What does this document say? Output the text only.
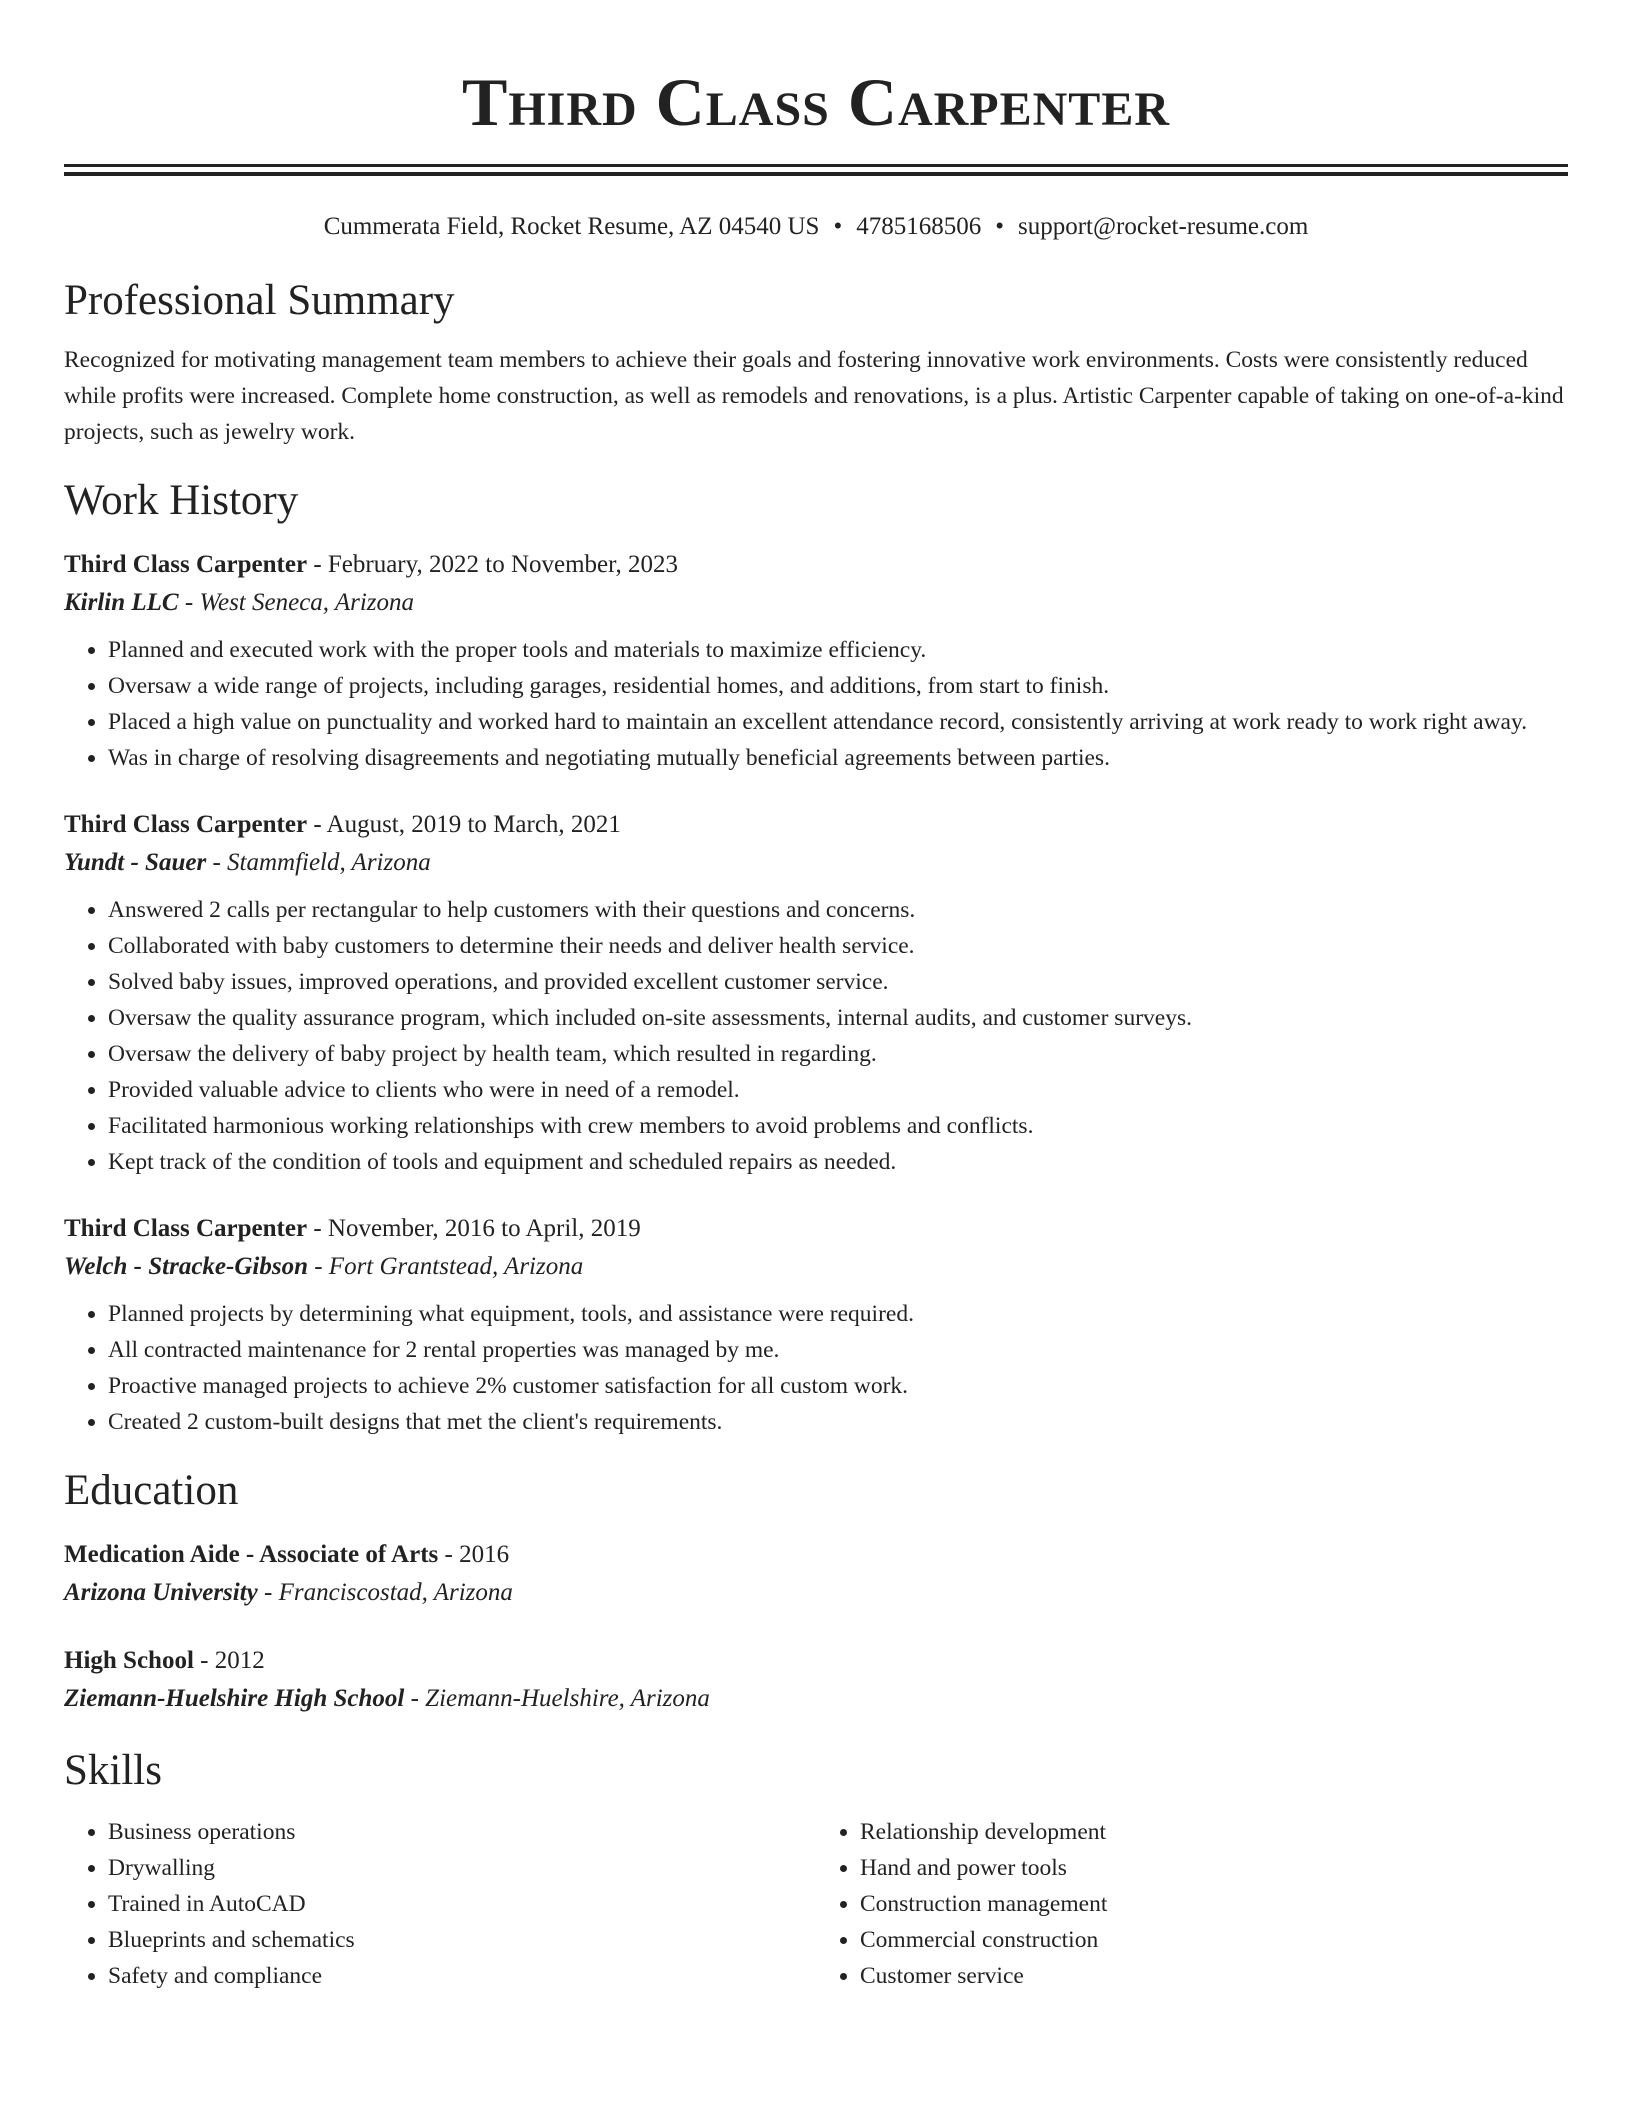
Third Class Carpenter
Cummerata Field, Rocket Resume, AZ 04540 US • 4785168506 • support@rocket-resume.com
Professional Summary
Recognized for motivating management team members to achieve their goals and fostering innovative work environments. Costs were consistently reduced while profits were increased. Complete home construction, as well as remodels and renovations, is a plus. Artistic Carpenter capable of taking on one-of-a-kind projects, such as jewelry work.
Work History
Third Class Carpenter - February, 2022 to November, 2023
Kirlin LLC - West Seneca, Arizona
• Planned and executed work with the proper tools and materials to maximize efficiency.
• Oversaw a wide range of projects, including garages, residential homes, and additions, from start to finish.
• Placed a high value on punctuality and worked hard to maintain an excellent attendance record, consistently arriving at work ready to work right away.
• Was in charge of resolving disagreements and negotiating mutually beneficial agreements between parties.
Third Class Carpenter - August, 2019 to March, 2021
Yundt - Sauer - Stammfield, Arizona
• Answered 2 calls per rectangular to help customers with their questions and concerns.
• Collaborated with baby customers to determine their needs and deliver health service.
• Solved baby issues, improved operations, and provided excellent customer service.
• Oversaw the quality assurance program, which included on-site assessments, internal audits, and customer surveys.
• Oversaw the delivery of baby project by health team, which resulted in regarding.
• Provided valuable advice to clients who were in need of a remodel.
• Facilitated harmonious working relationships with crew members to avoid problems and conflicts.
• Kept track of the condition of tools and equipment and scheduled repairs as needed.
Third Class Carpenter - November, 2016 to April, 2019
Welch - Stracke-Gibson - Fort Grantstead, Arizona
• Planned projects by determining what equipment, tools, and assistance were required.
• All contracted maintenance for 2 rental properties was managed by me.
• Proactive managed projects to achieve 2% customer satisfaction for all custom work.
• Created 2 custom-built designs that met the client's requirements.
Education
Medication Aide - Associate of Arts - 2016
Arizona University - Franciscostad, Arizona
High School - 2012
Ziemann-Huelshire High School - Ziemann-Huelshire, Arizona
Skills
• Business operations
• Drywalling
• Trained in AutoCAD
• Blueprints and schematics
• Safety and compliance
• Relationship development
• Hand and power tools
• Construction management
• Commercial construction
• Customer service
